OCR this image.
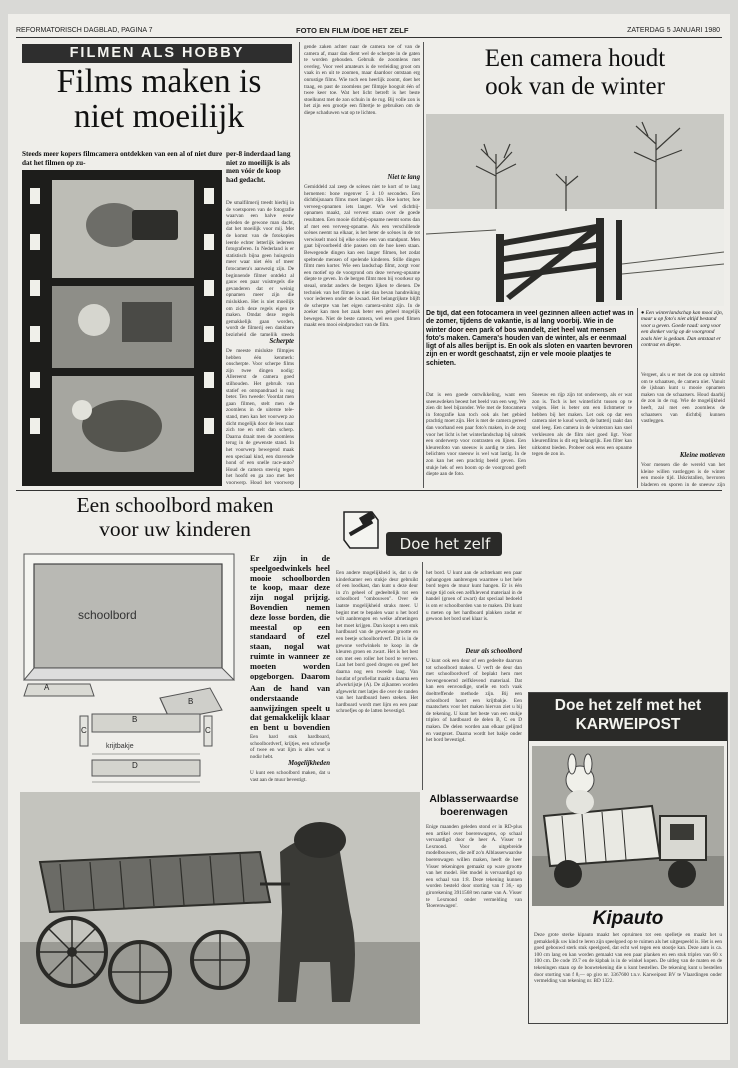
REFORMATORISCH DAGBLAD, PAGINA 7	FOTO EN FILM /DOE HET ZELF	ZATERDAG 5 JANUARI 1980
FILMEN ALS HOBBY
Films maken is
niet moeilijk
Steeds meer kopers filmcamera ontdekken van een al of niet dure dat het filmen op zu-
per-8 inderdaad lang niet zo moeilijk is als men vóór de koop had gedacht.
De smalfilmerij treedt hierbij in de voetsporen van de fotografie waarvan een halve eeuw geleden de gewone man dacht, dat het moeilijk voor mij. Met de komst van de fotokopies leerde echter letterlijk iedereen fotograferen. In Nederland is er statistisch bijna geen huisgezin meer waar niet één of meer fotocamera's aanwezig zijn. De beginnende filmer ontdekt al gauw een paar vuistregels die gevanderen dat er weinig opnamen meer zijn die mislukken. Het is niet moeilijk om zich deze regels eigen te maken. Omdat deze regels gemakkelijk gaan worden, wordt de filmerij een dankbare bezigheid die tamelijk steeds
Scherpte
De meeste mislukte filmpjes hebben één kenmerk: onscherpte. Voor scherpe films zijn twee dingen nodig: Allereerst de camera goed stilhouden. Het gebruik van statief en ontspandraad is nog beter. Ten tweede: Voordat men gaan filmen, stelt men de zoomlens in de uiterste tele-stand, men kan het voorwerp zo dicht mogelijk door de lens naar zich toe en stelt dan scherp. Daarna draait men de zoomlens terug in de gewenste stand. In het voorwerp bewegend maak een speciaal kind, een dravende hond of een snelle race-auto? Houd de camera steevig tegen het hoofd en ga zoo met het voorwerp. Houd het voorwerp
gende zaken achter naar de camera toe of van de camera af, maar dan dient wel de scherpte in de gaten te worden gehouden. Gebruik de zoomlens met overleg. Voor veel amateurs is de verleiding groot om vaak in en uit te zoomen, maar daardoor ontstaan erg onrustige films. Wie toch een heerlijk zoomt, doet het traag, en past de zoomlens per filmpje hooguit één of twee keer toe. Wat het licht betreft is het beste stoelkunst met de zon schuin in de rug. Bij volle zon is het zijn een grootje een filtertje te gebruiken om de diepe schaduwen wat op te lichten.
Niet te lang
Gemiddeld zal zeep de scènes niet te kort of te lang hernemen: bone regenver 5 à 10 seconden. Een dichtbijsnaam films moet langer zijn. Hoe korter, hoe verveeg-opnamen iets langer. Wie wel dichtbij-opnamen maakt, zal vervest staan over de goede resultaten. Een mooie dichtbij-opname neemt soms dan af met een verveeg-opname. Als een verschillende scènes neemt na elkaar, is het beter de scènes in de tot verwisselt mooi bij elke scène een van standpunt. Men gaat bijvoorbeeld drie passen om de hoe keen staan. Bewegende dingen kan een langer filmen, het zodat speltende mensen of spelende kinderen. Stille dingen filmt men korter. Wie een landschap filmt, zorgt voor een motief op de voorgrond om deze verweg-opname diepte te geven. In de bergen filmt men bij voorkeur op steaal, omdat anders de bergen lijken te dienen. De techniek van het filmen is niet dan bevan handreiking voor iedereen onder de kwaad. Het belangrijkste blijft de scherpte van het eigen camera-snitst zijn. In de zoeker kan men het zaak beter een geheel mogelijk bewegen. Niet de beste camera, wel een goed filmen maakt een mooi eindproduct van de film.
Een camera houdt
ook van de winter
De tijd, dat een fotocamera in veel gezinnen alleen actief was in de zomer, tijdens de vakantie, is al lang voorbij. Wie in de winter door een park of bos wandelt, ziet heel wat mensen foto's maken. Camera's houden van de winter, als er eenmaal ligt of als alles berijpt is. En ook als sloten en vaarten bevroren zijn en er wordt geschaatst, zijn er vele mooie plaatjes te schieten.
● Een winterlandschap kan mooi zijn, maar u op foto's niet altijd bestand voor u geven. Goede raad: sorg voor een donker vorig op de voorgrond zoals hier is gedaan. Dan ontstaat er contrast en diepte.
Dat is een goede ontwikkeling, want een sneeuwdeken beoest het beeld van een weg. We zien dit heel bijzonder. Wie met de fotocamera in fotografie kan toch ook als het gebied prachtig moet zijn. Het is met de camera gereed dan voorhand een paar foto's maken, in de zorg voor het licht is het winterlandschap bij uitstek een onderwerp voor contrasten en lijnen. Een kleurenfoto van sneeuw is aardig te zien. Het belichten voor sneeuw is wel wat lastig. In de zon kan het een prachtig beeld geven. Een stukje hek of een boom op de voorgrond geeft diepte aan de foto.
Sneeuw en rijp zijn tot onderwerp, als er wat zon is. Toch is het winterlicht tussen op te volgen. Het is beter om een lichtmeter te hebben bij het maken. Let ook op dat een camera niet te koud wordt, de batterij raakt dan snel leeg. Een camera in de winterzon kan snel verkleuren als de film niet goed ligt. Voor kleurenfilms is dit erg belangrijk. Een filter kan uitkomst bieden. Probeer ook eens een opname tegen de zon in.
Vergeet, als u er met de zon op uittrekt om te schaatsen, de camera niet. Vanuit de ijsbaan kunt u mooie opnamen maken van de schaatsers. Houd daarbij de zon in de rug. Wie de mogelijkheid heeft, zal met een zoomlens de schaatsers van dichtbij kunnen vastleggen.
Kleine motieven
Voor mensen die de wereld van het kleine willen vastleggen is de winter een mooie tijd. IJskristallen, bevroren bladeren en sporen in de sneeuw zijn
Een schoolbord maken
voor uw kinderen
Doe het zelf
schoolbord
A
B
B
C	C
D
krijtbakje
Er zijn in de speelgoedwinkels heel mooie schoolborden te koop, maar deze zijn nogal prijzig. Bovendien nemen deze losse borden, die meestal op een standaard of ezel staan, nogal wat ruimte in wanneer ze moeten worden opgeborgen. Daarom
Aan de hand van onderstaande aanwijzingen speelt u dat gemakkelijk klaar en bent u bovendien
Een hard stuk hardboard, schoolbordverf, krijtjes, een schroefje of twee en wat lijm is alles wat u nodig hebt.
Mogelijkheden
U kunt een schoolbord maken, dat u vast aan de muur bevestigt.
Een andere mogelijkheid is, dat u de kinderkamer een stukje deur gebruikt of een loodkast, dan kunt u deze deur in z'n geheel of gedeeltelijk tot een schoolbord "ombouwen". Over de laatste mogelijkheid straks meer. U begint met te bepalen waar u het bord wilt aanbrengen en welke afmetingen het moet krijgen. Dan koopt u een stuk hardboard van de gewenste grootte en een beetje schoolbordverf. Dit is in de gewone verfwinkels te koop in de kleuren groen en zwart. Het is het best om met een roller het bord te verven. Laat het bord goed drogen en geef het daarna nog een tweede laag. Van houtlat of profiellat maakt u daarna een afwerkrijstje (A). De zijkanten worden afgewerkt met latjes die over de randen van het hardboard heen steken. Het hardboard wordt met lijm en een paar schroefjes op de latten bevestigd.
het bord. U kunt aan de achterkant een paar ophangogen aanbrengen waarmee u het hele bord tegen de muur kunt hangen. Er is één enige tijd ook een zelfklevend materiaal in de handel (groen of zwart) dat speciaal bedoeld is om er schoolborden van te maken. Dit kunt u meten op het hardboard plakken zodat er gewoon het bord snel klaar is.
Deur als schoolbord
U kunt ook een deur of een gedeelte daarvan tot schoolbord maken. U verft de deur dan met schoolbordverf of beplakt hem met bovengenoemd zelfklevend materiaal. Dat kan een eenvoudige, snelle en toch vaak doeltreffende methode zijn. Bij een schoolbord hoort een krijtbakje. Een maatschets voor het maken hiervan ziet u bij de tekening. U kunt het beste van een stukje triplex of hardboard de delen B, C en D maken. De delen worden aan elkaar gelijmd en vastgezet. Daarna wordt het bakje onder het bord bevestigd.
Alblasserwaardse
boerenwagen
Enige maanden geleden stond er in RD-plus een artikel over boerenwagens, op schaal vervaardigd door de heer A. Visser te Lexmond. Voor de uitgebreide modelbouwers, die zelf zo'n Alblasserwaardse boerenwagen willen maken, heeft de heer Visser tekeningen gemaakt op ware grootte van het model. Het model is vervaardigd op een schaal van 1:8. Deze tekening kunnen worden besteld door storting van f 36,- op girorekening 3911568 ten name van A. Visser te Lexmond onder vermelding van 'Boerenwagen'.
Doe het zelf met het
KARWEIPOST
Kipauto
Deze grote sterke kipauto maakt het opruimen tot een spelletje en maakt het u gemakkelijk uw kind te leren zijn speelgoed op te ruimen als het uitgespeeld is. Het is een goed gebouwd sterk stuk speelgoed, dat echt wel tegen een stootje kan. Deze auto is ca. 100 cm lang en kan worden gemaakt van een paar planken en een stuk triplex van 60 x 100 cm. De code 19.7 en de kipbak is in de winkel kopen. De uitleg van de maten en de tekeningen staan op de bouwtekening die u kunt bestellen. De tekening kunt u bestellen door storting van f 8,— op giro nr. 3367600 t.n.v. Karweipost BV te Vlaardingen onder vermelding van tekening nr. BD 1322.
